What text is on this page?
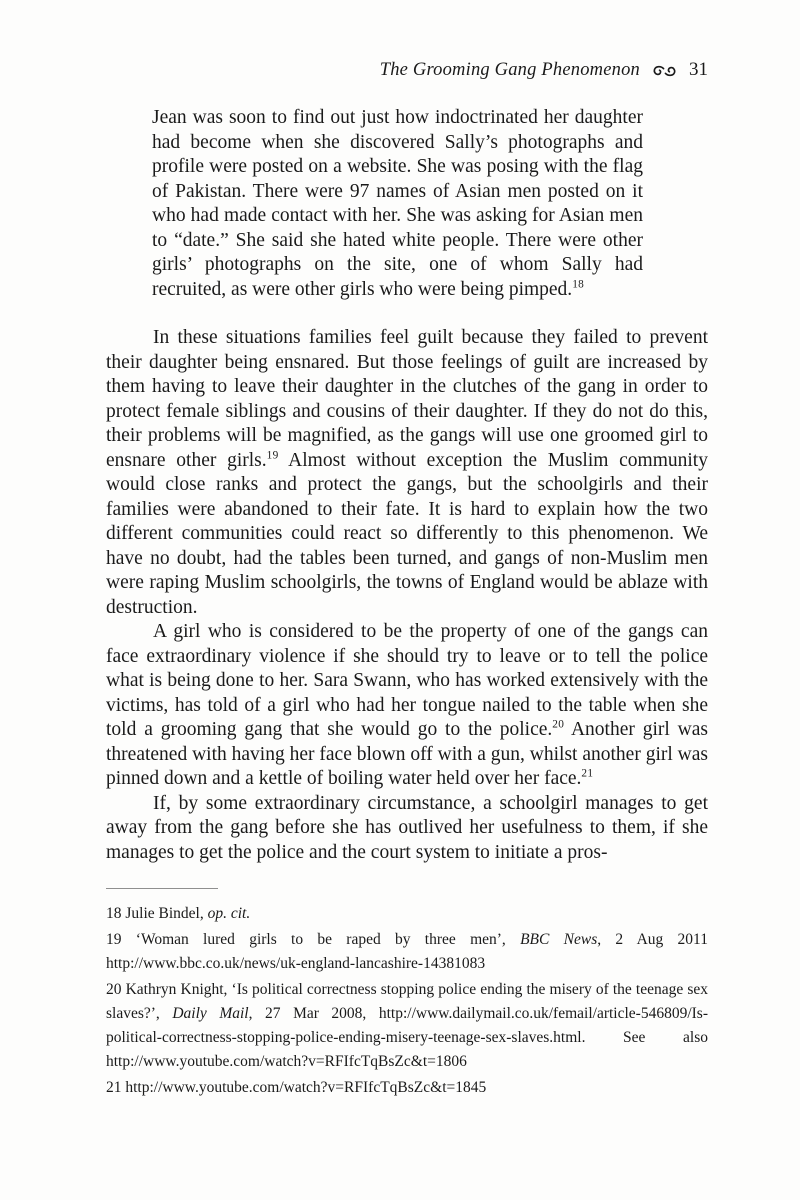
The Grooming Gang Phenomenon	31
Jean was soon to find out just how indoctrinated her daughter had become when she discovered Sally’s photographs and profile were posted on a website. She was posing with the flag of Pakistan. There were 97 names of Asian men posted on it who had made contact with her. She was asking for Asian men to “date.” She said she hated white people. There were other girls’ photographs on the site, one of whom Sally had recruited, as were other girls who were being pimped.$^{18}$

In these situations families feel guilt because they failed to prevent their daughter being ensnared. But those feelings of guilt are increased by them having to leave their daughter in the clutches of the gang in order to protect female siblings and cousins of their daughter. If they do not do this, their problems will be magnified, as the gangs will use one groomed girl to ensnare other girls.$^{19}$ Almost without exception the Muslim community would close ranks and protect the gangs, but the schoolgirls and their families were abandoned to their fate. It is hard to explain how the two different communities could react so differently to this phenomenon. We have no doubt, had the tables been turned, and gangs of non-Muslim men were raping Muslim schoolgirls, the towns of England would be ablaze with destruction.

A girl who is considered to be the property of one of the gangs can face extraordinary violence if she should try to leave or to tell the police what is being done to her. Sara Swann, who has worked extensively with the victims, has told of a girl who had her tongue nailed to the table when she told a grooming gang that she would go to the police.$^{20}$ Another girl was threatened with having her face blown off with a gun, whilst another girl was pinned down and a kettle of boiling water held over her face.$^{21}$

If, by some extraordinary circumstance, a schoolgirl manages to get away from the gang before she has outlived her usefulness to them, if she manages to get the police and the court system to initiate a pros-

18 Julie Bindel, op. cit.

19 ‘Woman lured girls to be raped by three men’, BBC News, 2 Aug 2011 http://www.bbc.co.uk/news/uk-england-lancashire-14381083

20 Kathryn Knight, ‘Is political correctness stopping police ending the misery of the teenage sex slaves?’, Daily Mail, 27 Mar 2008, http://www.dailymail.co.uk/femail/article-546809/Is-political-correctness-stopping-police-ending-misery-teenage-sex-slaves.html. See also http://www.youtube.com/watch?v=RFIfcTqBsZc&t=1806

21 http://www.youtube.com/watch?v=RFIfcTqBsZc&t=1845
